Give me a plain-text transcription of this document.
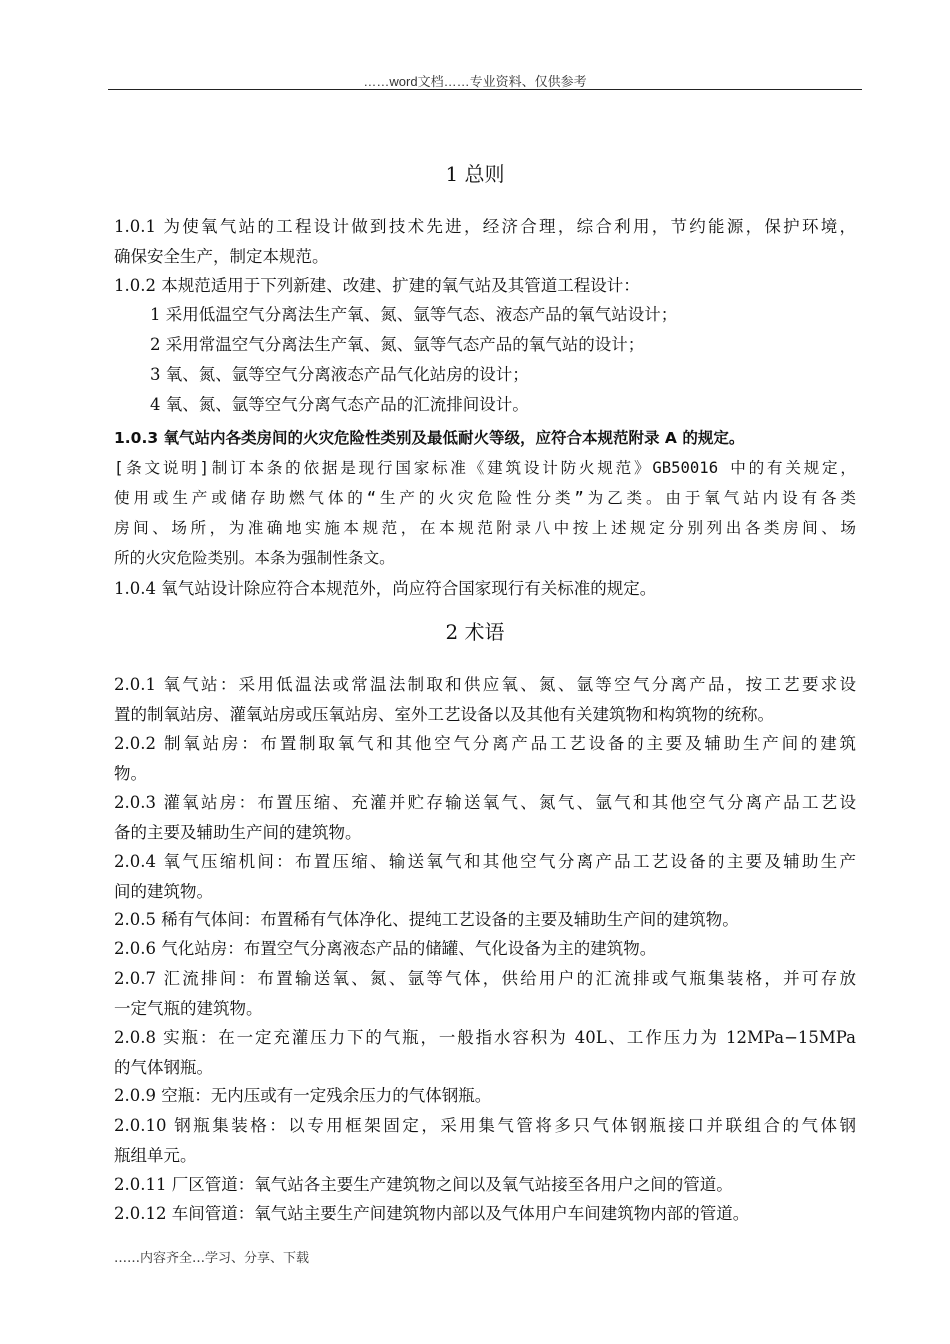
……word文档……专业资料、仅供参考
1 总则
1.0.1 为使氧气站的工程设计做到技术先进，经济合理，综合利用，节约能源，保护环境，
确保安全生产，制定本规范。
1.0.2 本规范适用于下列新建、改建、扩建的氧气站及其管道工程设计：
1 采用低温空气分离法生产氧、氮、氩等气态、液态产品的氧气站设计；
2 采用常温空气分离法生产氧、氮、氩等气态产品的氧气站的设计；
3 氧、氮、氩等空气分离液态产品气化站房的设计；
4 氧、氮、氩等空气分离气态产品的汇流排间设计。
1.0.3 氧气站内各类房间的火灾危险性类别及最低耐火等级，应符合本规范附录 A 的规定。
[条文说明]制订本条的依据是现行国家标准《建筑设计防火规范》GB50016 中的有关规定，
使用或生产或储存助燃气体的“生产的火灾危险性分类”为乙类。由于氧气站内设有各类
房间、场所，为准确地实施本规范，在本规范附录八中按上述规定分别列出各类房间、场
所的火灾危险类别。本条为强制性条文。
1.0.4 氧气站设计除应符合本规范外，尚应符合国家现行有关标准的规定。
2 术语
2.0.1 氧气站：采用低温法或常温法制取和供应氧、氮、氩等空气分离产品，按工艺要求设
置的制氧站房、灌氧站房或压氧站房、室外工艺设备以及其他有关建筑物和构筑物的统称。
2.0.2 制氧站房：布置制取氧气和其他空气分离产品工艺设备的主要及辅助生产间的建筑
物。
2.0.3 灌氧站房：布置压缩、充灌并贮存输送氧气、氮气、氩气和其他空气分离产品工艺设
备的主要及辅助生产间的建筑物。
2.0.4 氧气压缩机间：布置压缩、输送氧气和其他空气分离产品工艺设备的主要及辅助生产
间的建筑物。
2.0.5 稀有气体间：布置稀有气体净化、提纯工艺设备的主要及辅助生产间的建筑物。
2.0.6 气化站房：布置空气分离液态产品的储罐、气化设备为主的建筑物。
2.0.7 汇流排间：布置输送氧、氮、氩等气体，供给用户的汇流排或气瓶集装格，并可存放
一定气瓶的建筑物。
2.0.8 实瓶：在一定充灌压力下的气瓶，一般指水容积为 40L、工作压力为 12MPa−15MPa
的气体钢瓶。
2.0.9 空瓶：无内压或有一定残余压力的气体钢瓶。
2.0.10 钢瓶集装格：以专用框架固定，采用集气管将多只气体钢瓶接口并联组合的气体钢
瓶组单元。
2.0.11 厂区管道：氧气站各主要生产建筑物之间以及氧气站接至各用户之间的管道。
2.0.12 车间管道：氧气站主要生产间建筑物内部以及气体用户车间建筑物内部的管道。
……内容齐全…学习、分享、下载
